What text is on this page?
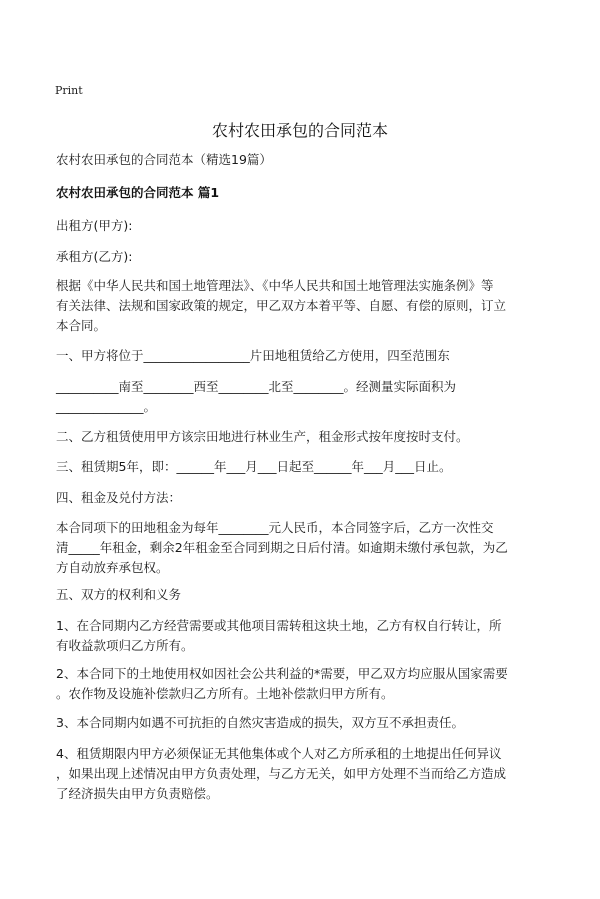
Print
农村农田承包的合同范本
农村农田承包的合同范本（精选19篇）
农村农田承包的合同范本 篇1
出租方(甲方):
承租方(乙方):
根据《中华人民共和国土地管理法》、《中华人民共和国土地管理法实施条例》等
有关法律、法规和国家政策的规定，甲乙双方本着平等、自愿、有偿的原则，订立
本合同。
一、甲方将位于_________________片田地租赁给乙方使用，四至范围东
__________南至________西至________北至________。经测量实际面积为
______________。
二、乙方租赁使用甲方该宗田地进行林业生产，租金形式按年度按时支付。
三、租赁期5年，即：______年___月___日起至______年___月___日止。
四、租金及兑付方法：
本合同项下的田地租金为每年________元人民币，本合同签字后，乙方一次性交
清_____年租金，剩余2年租金至合同到期之日后付清。如逾期未缴付承包款，为乙
方自动放弃承包权。
五、双方的权利和义务
1、在合同期内乙方经营需要或其他项目需转租这块土地，乙方有权自行转让，所
有收益款项归乙方所有。
2、本合同下的土地使用权如因社会公共利益的*需要，甲乙双方均应服从国家需要
。农作物及设施补偿款归乙方所有。土地补偿款归甲方所有。
3、本合同期内如遇不可抗拒的自然灾害造成的损失，双方互不承担责任。
4、租赁期限内甲方必须保证无其他集体或个人对乙方所承租的土地提出任何异议
，如果出现上述情况由甲方负责处理，与乙方无关，如甲方处理不当而给乙方造成
了经济损失由甲方负责赔偿。
